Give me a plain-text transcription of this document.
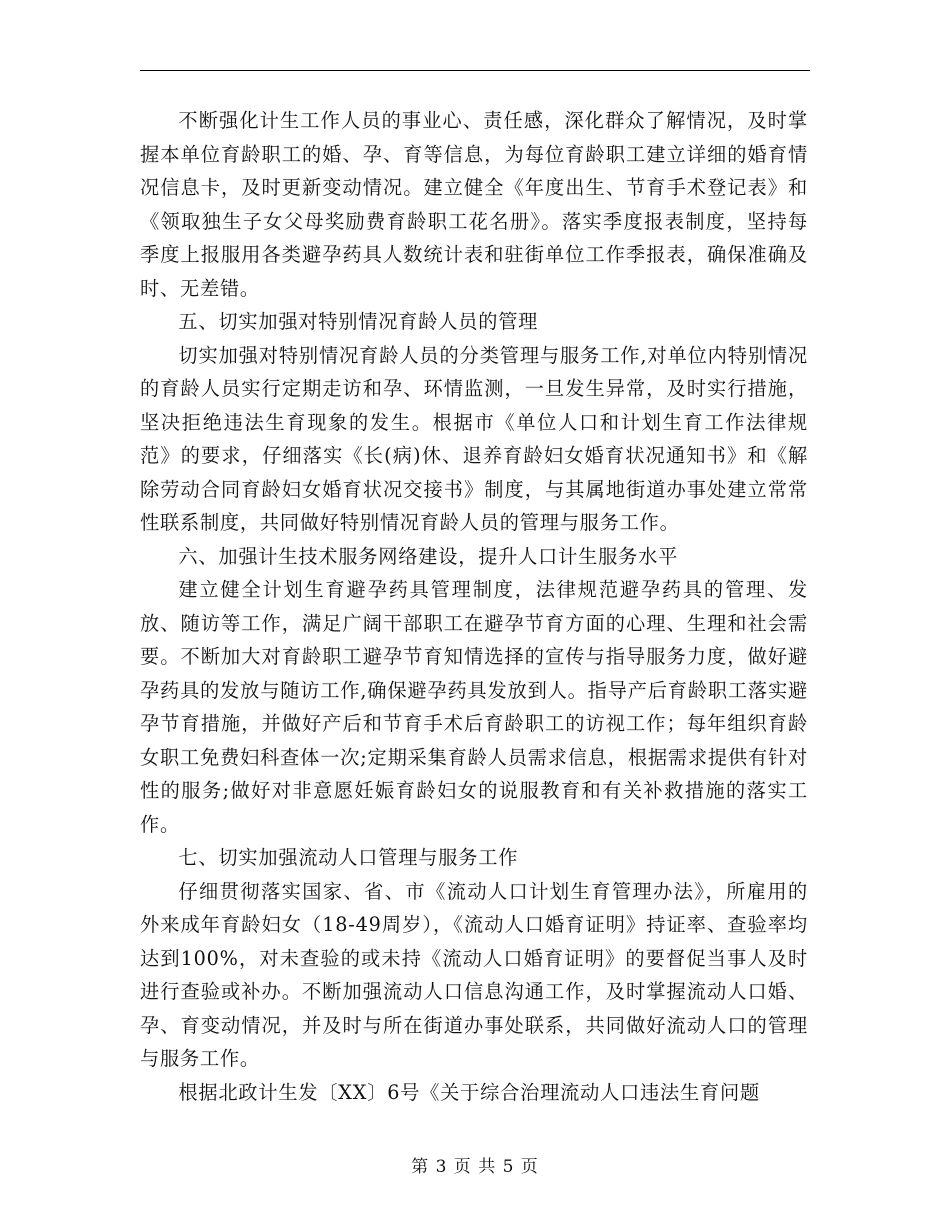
不断强化计生工作人员的事业心、责任感，深化群众了解情况，及时掌握本单位育龄职工的婚、孕、育等信息，为每位育龄职工建立详细的婚育情况信息卡，及时更新变动情况。建立健全《年度出生、节育手术登记表》和《领取独生子女父母奖励费育龄职工花名册》。落实季度报表制度，坚持每季度上报服用各类避孕药具人数统计表和驻街单位工作季报表，确保准确及时、无差错。

五、切实加强对特别情况育龄人员的管理

切实加强对特别情况育龄人员的分类管理与服务工作,对单位内特别情况的育龄人员实行定期走访和孕、环情监测，一旦发生异常，及时实行措施，坚决拒绝违法生育现象的发生。根据市《单位人口和计划生育工作法律规范》的要求，仔细落实《长(病)休、退养育龄妇女婚育状况通知书》和《解除劳动合同育龄妇女婚育状况交接书》制度，与其属地街道办事处建立常常性联系制度，共同做好特别情况育龄人员的管理与服务工作。

六、加强计生技术服务网络建设，提升人口计生服务水平

建立健全计划生育避孕药具管理制度，法律规范避孕药具的管理、发放、随访等工作，满足广阔干部职工在避孕节育方面的心理、生理和社会需要。不断加大对育龄职工避孕节育知情选择的宣传与指导服务力度，做好避孕药具的发放与随访工作,确保避孕药具发放到人。指导产后育龄职工落实避孕节育措施，并做好产后和节育手术后育龄职工的访视工作；每年组织育龄女职工免费妇科查体一次;定期采集育龄人员需求信息，根据需求提供有针对性的服务;做好对非意愿妊娠育龄妇女的说服教育和有关补救措施的落实工作。

七、切实加强流动人口管理与服务工作

仔细贯彻落实国家、省、市《流动人口计划生育管理办法》，所雇用的外来成年育龄妇女（18-49周岁），《流动人口婚育证明》持证率、查验率均达到100%，对未查验的或未持《流动人口婚育证明》的要督促当事人及时进行查验或补办。不断加强流动人口信息沟通工作，及时掌握流动人口婚、孕、育变动情况，并及时与所在街道办事处联系，共同做好流动人口的管理与服务工作。

根据北政计生发〔XX〕6号《关于综合治理流动人口违法生育问题

第 3 页 共 5 页
